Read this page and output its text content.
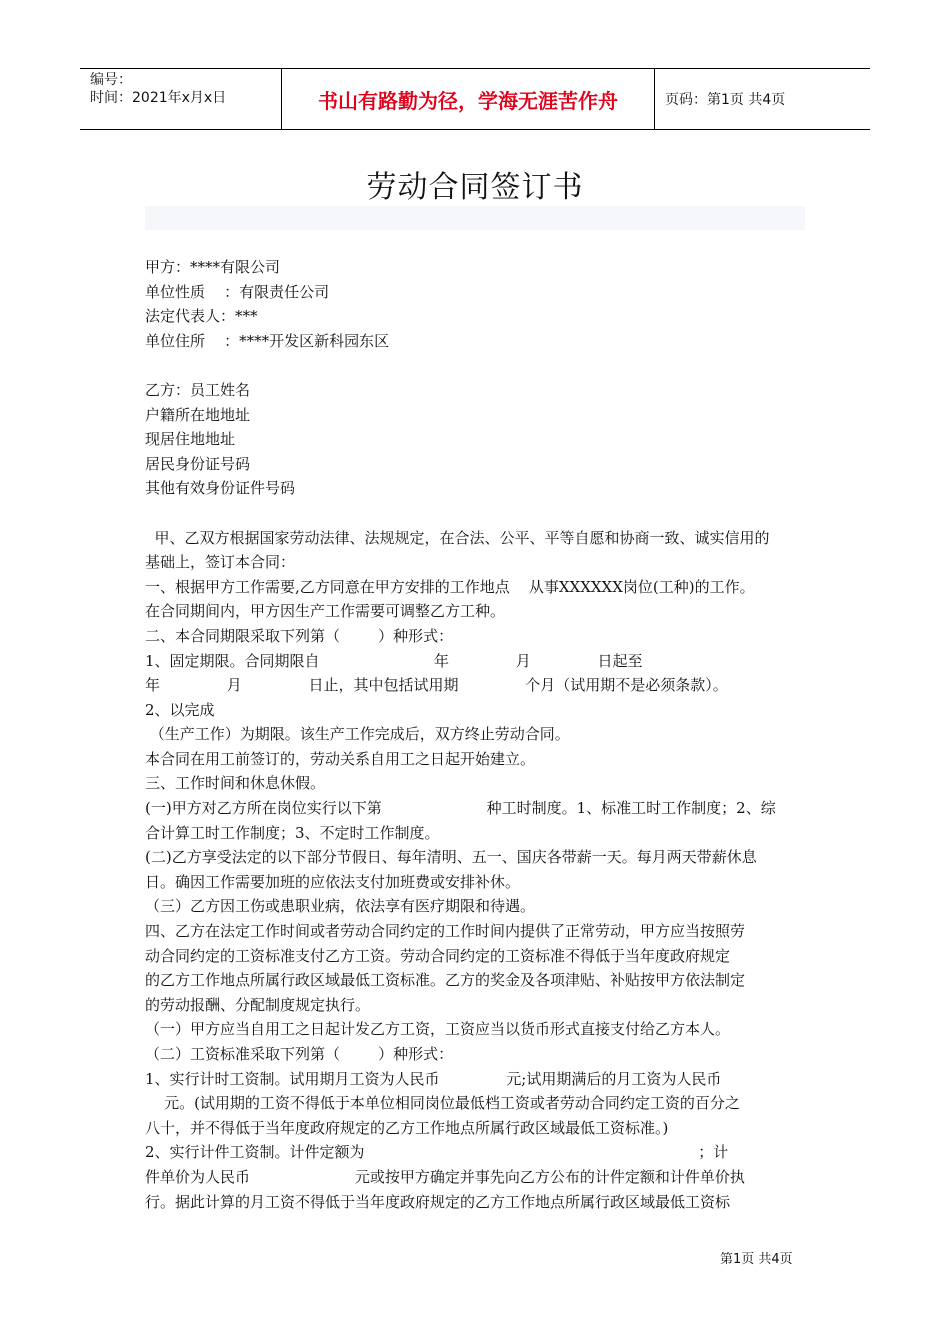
编号：
时间：2021年x月x日	书山有路勤为径，学海无涯苦作舟	页码：第1页 共4页
劳动合同签订书

甲方：****有限公司

单位性质    ：有限责任公司

法定代表人：***

单位住所    ：****开发区新科园东区

乙方：员工姓名

户籍所在地地址

现居住地地址

居民身份证号码

其他有效身份证件号码

甲、乙双方根据国家劳动法律、法规规定，在合法、公平、平等自愿和协商一致、诚实信用的

基础上，签订本合同：

一、根据甲方工作需要,乙方同意在甲方安排的工作地点    从事XXXXXX岗位(工种)的工作。

在合同期间内，甲方因生产工作需要可调整乙方工种。

二、本合同期限采取下列第（        ）种形式：

1、固定期限。合同期限自                        年              月              日起至

年              月              日止，其中包括试用期              个月（试用期不是必须条款）。

2、以完成

（生产工作）为期限。该生产工作完成后，双方终止劳动合同。

本合同在用工前签订的，劳动关系自用工之日起开始建立。

三、工作时间和休息休假。

(一)甲方对乙方所在岗位实行以下第                      种工时制度。1、标准工时工作制度；2、综

合计算工时工作制度；3、不定时工作制度。

(二)乙方享受法定的以下部分节假日、每年清明、五一、国庆各带薪一天。每月两天带薪休息

日。确因工作需要加班的应依法支付加班费或安排补休。

（三）乙方因工伤或患职业病，依法享有医疗期限和待遇。

四、乙方在法定工作时间或者劳动合同约定的工作时间内提供了正常劳动，甲方应当按照劳

动合同约定的工资标准支付乙方工资。劳动合同约定的工资标准不得低于当年度政府规定

的乙方工作地点所属行政区域最低工资标准。乙方的奖金及各项津贴、补贴按甲方依法制定

的劳动报酬、分配制度规定执行。

（一）甲方应当自用工之日起计发乙方工资，工资应当以货币形式直接支付给乙方本人。

（二）工资标准采取下列第（        ）种形式：

1、实行计时工资制。试用期月工资为人民币              元;试用期满后的月工资为人民币

元。(试用期的工资不得低于本单位相同岗位最低档工资或者劳动合同约定工资的百分之

八十，并不得低于当年度政府规定的乙方工作地点所属行政区域最低工资标准。)

2、实行计件工资制。计件定额为                                                                      ；计

件单价为人民币                      元或按甲方确定并事先向乙方公布的计件定额和计件单价执

行。据此计算的月工资不得低于当年度政府规定的乙方工作地点所属行政区域最低工资标

第1页 共4页
